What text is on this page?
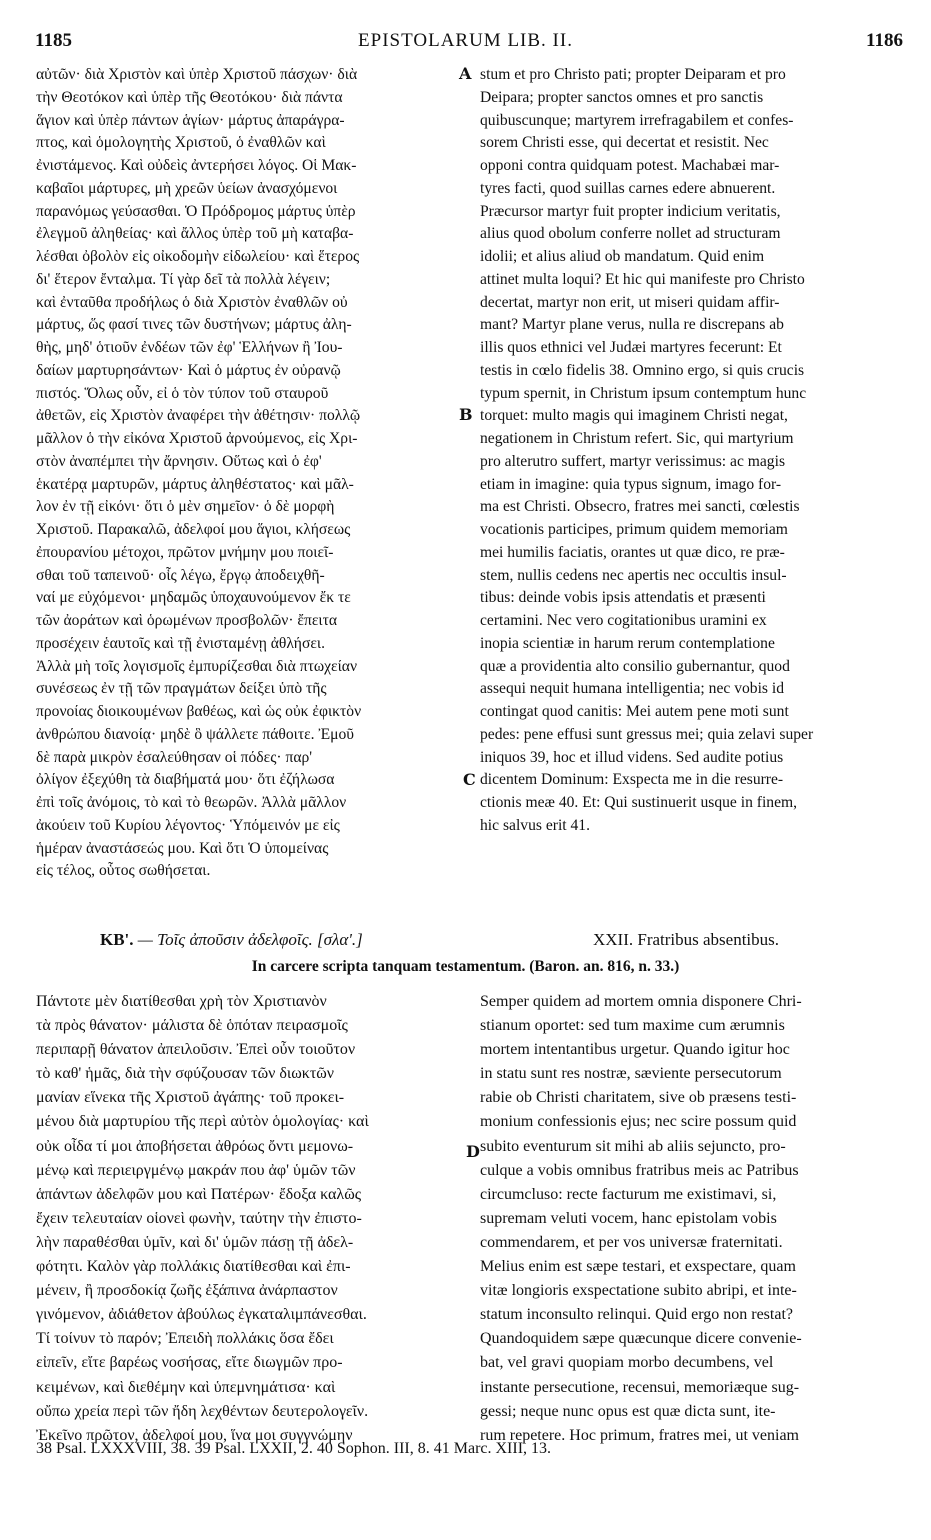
1185	EPISTOLARUM LIB. II.	1186
αὐτῶν· διὰ Χριστὸν καὶ ὑπὲρ Χριστοῦ πάσχων· διὰ
τὴν Θεοτόκον καὶ ὑπὲρ τῆς Θεοτόκου· διὰ πάντα
ἅγιον καὶ ὑπὲρ πάντων ἁγίων· μάρτυς ἀπαράγρα-
πτος, καὶ ὁμολογητὴς Χριστοῦ, ὁ ἐναθλῶν καὶ
ἐνιστάμενος. Καὶ οὐδεὶς ἀντερήσει λόγος. Οἱ Μακ-
καβαῖοι μάρτυρες, μὴ χρεῶν ὑείων ἀνασχόμενοι
παρανόμως γεύσασθαι. Ὁ Πρόδρομος μάρτυς ὑπὲρ
ἐλεγμοῦ ἀληθείας· καὶ ἄλλος ὑπὲρ τοῦ μὴ καταβα-
λέσθαι ὀβολὸν εἰς οἰκοδομὴν εἰδωλείου· καὶ ἕτερος
δι' ἕτερον ἔνταλμα. Τί γὰρ δεῖ τὰ πολλὰ λέγειν;
καὶ ἐνταῦθα προδήλως ὁ διὰ Χριστὸν ἐναθλῶν οὐ
μάρτυς, ὥς φασί τινες τῶν δυστήνων; μάρτυς ἀλη-
θὴς, μηδ' ὁτιοῦν ἐνδέων τῶν ἐφ' Ἑλλήνων ἢ Ἰου-
δαίων μαρτυρησάντων· Καὶ ὁ μάρτυς ἐν οὐρανῷ
πιστός. Ὅλως οὖν, εἰ ὁ τὸν τύπον τοῦ σταυροῦ
ἀθετῶν, εἰς Χριστὸν ἀναφέρει τὴν ἀθέτησιν· πολλῷ
μᾶλλον ὁ τὴν εἰκόνα Χριστοῦ ἀρνούμενος, εἰς Χρι-
στὸν ἀναπέμπει τὴν ἄρνησιν. Οὕτως καὶ ὁ ἐφ'
ἑκατέρᾳ μαρτυρῶν, μάρτυς ἀληθέστατος· καὶ μᾶλ-
λον ἐν τῇ εἰκόνι· ὅτι ὁ μὲν σημεῖον· ὁ δὲ μορφὴ
Χριστοῦ. Παρακαλῶ, ἀδελφοί μου ἅγιοι, κλήσεως
ἐπουρανίου μέτοχοι, πρῶτον μνήμην μου ποιεῖ-
σθαι τοῦ ταπεινοῦ· οἷς λέγω, ἔργῳ ἀποδειχθῆ-
ναί με εὐχόμενοι· μηδαμῶς ὑποχαυνούμενον ἔκ τε
τῶν ἀοράτων καὶ ὁρωμένων προσβολῶν· ἔπειτα
προσέχειν ἑαυτοῖς καὶ τῇ ἐνισταμένῃ ἀθλήσει.
Ἀλλὰ μὴ τοῖς λογισμοῖς ἐμπυρίζεσθαι διὰ πτωχείαν
συνέσεως ἐν τῇ τῶν πραγμάτων δείξει ὑπὸ τῆς
προνοίας διοικουμένων βαθέως, καὶ ὡς οὐκ ἐφικτὸν
ἀνθρώπου διανοίᾳ· μηδὲ ὃ ψάλλετε πάθοιτε. Ἐμοῦ
δὲ παρὰ μικρὸν ἐσαλεύθησαν οἱ πόδες· παρ'
ὀλίγον ἐξεχύθη τὰ διαβήματά μου· ὅτι ἐζήλωσα
ἐπὶ τοῖς ἀνόμοις, τὸ καὶ τὸ θεωρῶν. Ἀλλὰ μᾶλλον
ἀκούειν τοῦ Κυρίου λέγοντος· Ὑπόμεινόν με εἰς
ἡμέραν ἀναστάσεώς μου. Καὶ ὅτι Ὁ ὑπομείνας
εἰς τέλος, οὗτος σωθήσεται.
stum et pro Christo pati; propter Deiparam et pro
Deipara; propter sanctos omnes et pro sanctis
quibuscunque; martyrem irrefragabilem et confes-
sorem Christi esse, qui decertat et resistit. Nec
opponi contra quidquam potest. Machabæi mar-
tyres facti, quod suillas carnes edere abnuerent.
Præcursor martyr fuit propter indicium veritatis,
alius quod obolum conferre nollet ad structuram
idolii; et alius aliud ob mandatum. Quid enim
attinet multa loqui? Et hic qui manifeste pro Christo
decertat, martyr non erit, ut miseri quidam affir-
mant? Martyr plane verus, nulla re discrepans ab
illis quos ethnici vel Judæi martyres fecerunt: Et
testis in cœlo fidelis 38. Omnino ergo, si quis crucis
typum spernit, in Christum ipsum contemptum hunc
torquet: multo magis qui imaginem Christi negat,
negationem in Christum refert. Sic, qui martyrium
pro alterutro suffert, martyr verissimus: ac magis
etiam in imagine: quia typus signum, imago for-
ma est Christi. Obsecro, fratres mei sancti, cœlestis
vocationis participes, primum quidem memoriam
mei humilis faciatis, orantes ut quæ dico, re præ-
stem, nullis cedens nec apertis nec occultis insul-
tibus: deinde vobis ipsis attendatis et præsenti
certamini. Nec vero cogitationibus uramini ex
inopia scientiæ in harum rerum contemplatione
quæ a providentia alto consilio gubernantur, quod
assequi nequit humana intelligentia; nec vobis id
contingat quod canitis: Mei autem pene moti sunt
pedes: pene effusi sunt gressus mei; quia zelavi super
iniquos 39, hoc et illud videns. Sed audite potius
dicentem Dominum: Exspecta me in die resurre-
ctionis meæ 40. Et: Qui sustinuerit usque in finem,
hic salvus erit 41.
A
B
C
D
ΚΒ'. — Τοῖς ἀποῦσιν ἀδελφοῖς. [σλα'.]	XXII. Fratribus absentibus.
In carcere scripta tanquam testamentum. (Baron. an. 816, n. 33.)
Πάντοτε μὲν διατίθεσθαι χρὴ τὸν Χριστιανὸν
τὰ πρὸς θάνατον· μάλιστα δὲ ὁπόταν πειρασμοῖς
περιπαρῇ θάνατον ἀπειλοῦσιν. Ἐπεὶ οὖν τοιοῦτον
τὸ καθ' ἡμᾶς, διὰ τὴν σφύζουσαν τῶν διωκτῶν
μανίαν εἵνεκα τῆς Χριστοῦ ἀγάπης· τοῦ προκει-
μένου διὰ μαρτυρίου τῆς περὶ αὐτὸν ὁμολογίας· καὶ
οὐκ οἶδα τί μοι ἀποβήσεται ἀθρόως ὄντι μεμονω-
μένῳ καὶ περιειργμένῳ μακράν που ἀφ' ὑμῶν τῶν
ἁπάντων ἀδελφῶν μου καὶ Πατέρων· ἔδοξα καλῶς
ἔχειν τελευταίαν οἱονεὶ φωνὴν, ταύτην τὴν ἐπιστο-
λὴν παραθέσθαι ὑμῖν, καὶ δι' ὑμῶν πάσῃ τῇ ἀδελ-
φότητι. Καλὸν γὰρ πολλάκις διατίθεσθαι καὶ ἐπι-
μένειν, ἢ προσδοκίᾳ ζωῆς ἐξάπινα ἀνάρπαστον
γινόμενον, ἀδιάθετον ἀβούλως ἐγκαταλιμπάνεσθαι.
Τί τοίνυν τὸ παρόν; Ἐπειδὴ πολλάκις ὅσα ἔδει
εἰπεῖν, εἴτε βαρέως νοσήσας, εἴτε διωγμῶν προ-
κειμένων, καὶ διεθέμην καὶ ὑπεμνημάτισα· καὶ
οὔπω χρεία περὶ τῶν ἤδη λεχθέντων δευτερολογεῖν.
Ἐκεῖνο πρῶτον, ἀδελφοί μου, ἵνα μοι συγγνώμην
Semper quidem ad mortem omnia disponere Chri-
stianum oportet: sed tum maxime cum ærumnis
mortem intentantibus urgetur. Quando igitur hoc
in statu sunt res nostræ, sæviente persecutorum
rabie ob Christi charitatem, sive ob præsens testi-
monium confessionis ejus; nec scire possum quid
subito eventurum sit mihi ab aliis sejuncto, pro-
culque a vobis omnibus fratribus meis ac Patribus
circumcluso: recte facturum me existimavi, si,
supremam veluti vocem, hanc epistolam vobis
commendarem, et per vos universæ fraternitati.
Melius enim est sæpe testari, et exspectare, quam
vitæ longioris exspectatione subito abripi, et inte-
statum inconsulto relinqui. Quid ergo non restat?
Quandoquidem sæpe quæcunque dicere convenie-
bat, vel gravi quopiam morbo decumbens, vel
instante persecutione, recensui, memoriæque sug-
gessi; neque nunc opus est quæ dicta sunt, ite-
rum repetere. Hoc primum, fratres mei, ut veniam
38 Psal. LXXXVIII, 38. 39 Psal. LXXII, 2. 40 Sophon. III, 8. 41 Marc. XIII, 13.
